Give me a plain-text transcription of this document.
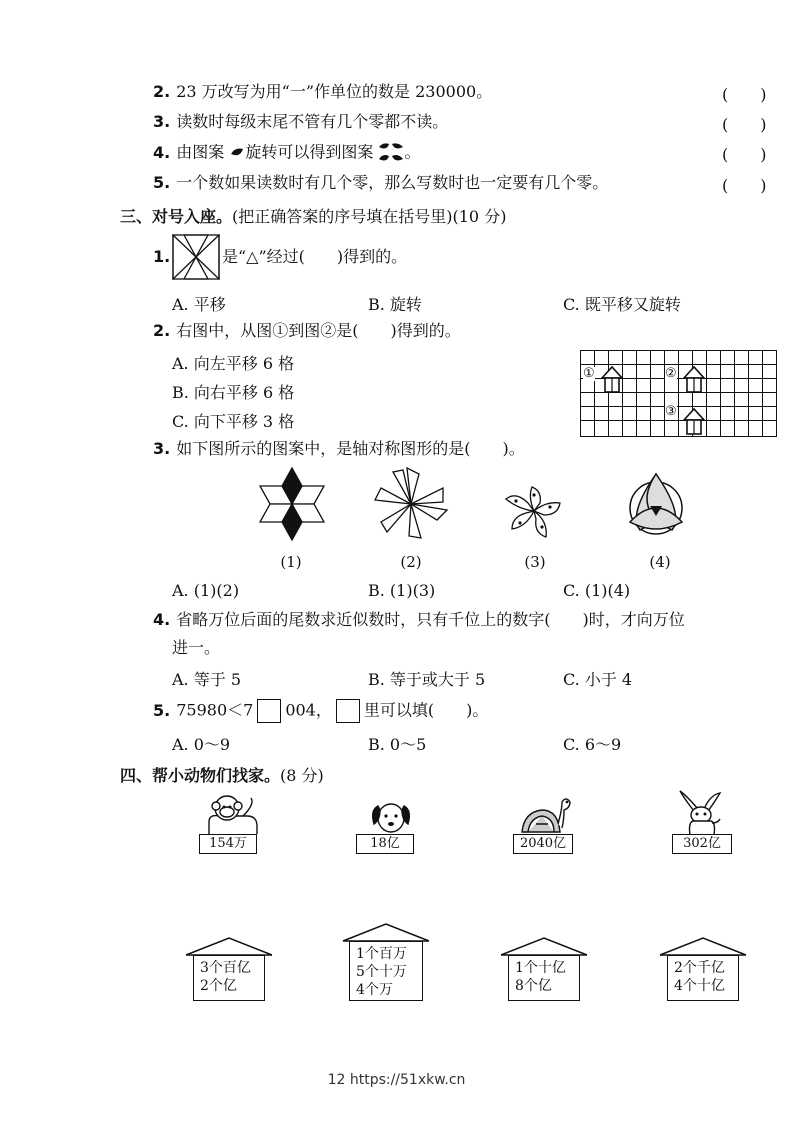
2. 23 万改写为用“一”作单位的数是 230000。	(　　)
3. 读数时每级末尾不管有几个零都不读。	(　　)
4. 由图案 旋转可以得到图案 。	(　　)
5. 一个数如果读数时有几个零，那么写数时也一定要有几个零。	(　　)
三、对号入座。(把正确答案的序号填在括号里)(10 分)
1.	是“△”经过(　　)得到的。
A. 平移	B. 旋转	C. 既平移又旋转
2. 右图中，从图①到图②是(　　)得到的。
A. 向左平移 6 格
B. 向右平移 6 格
C. 向下平移 3 格
①	②
③
3. 如下图所示的图案中，是轴对称图形的是(　　)。
(1)	(2)	(3)	(4)
A. (1)(2)	B. (1)(3)	C. (1)(4)
4. 省略万位后面的尾数求近似数时，只有千位上的数字(　　)时，才向万位
进一。
A. 等于 5	B. 等于或大于 5	C. 小于 4
5. 75980＜7 004， 里可以填(　　)。
A. 0～9	B. 0～5	C. 6～9
四、帮小动物们找家。(8 分)
154万	18亿	2040亿	302亿
3个百亿
2个亿
1个百万
5个十万
4个万
1个十亿
8个亿
2个千亿
4个十亿
12 https://51xkw.cn
